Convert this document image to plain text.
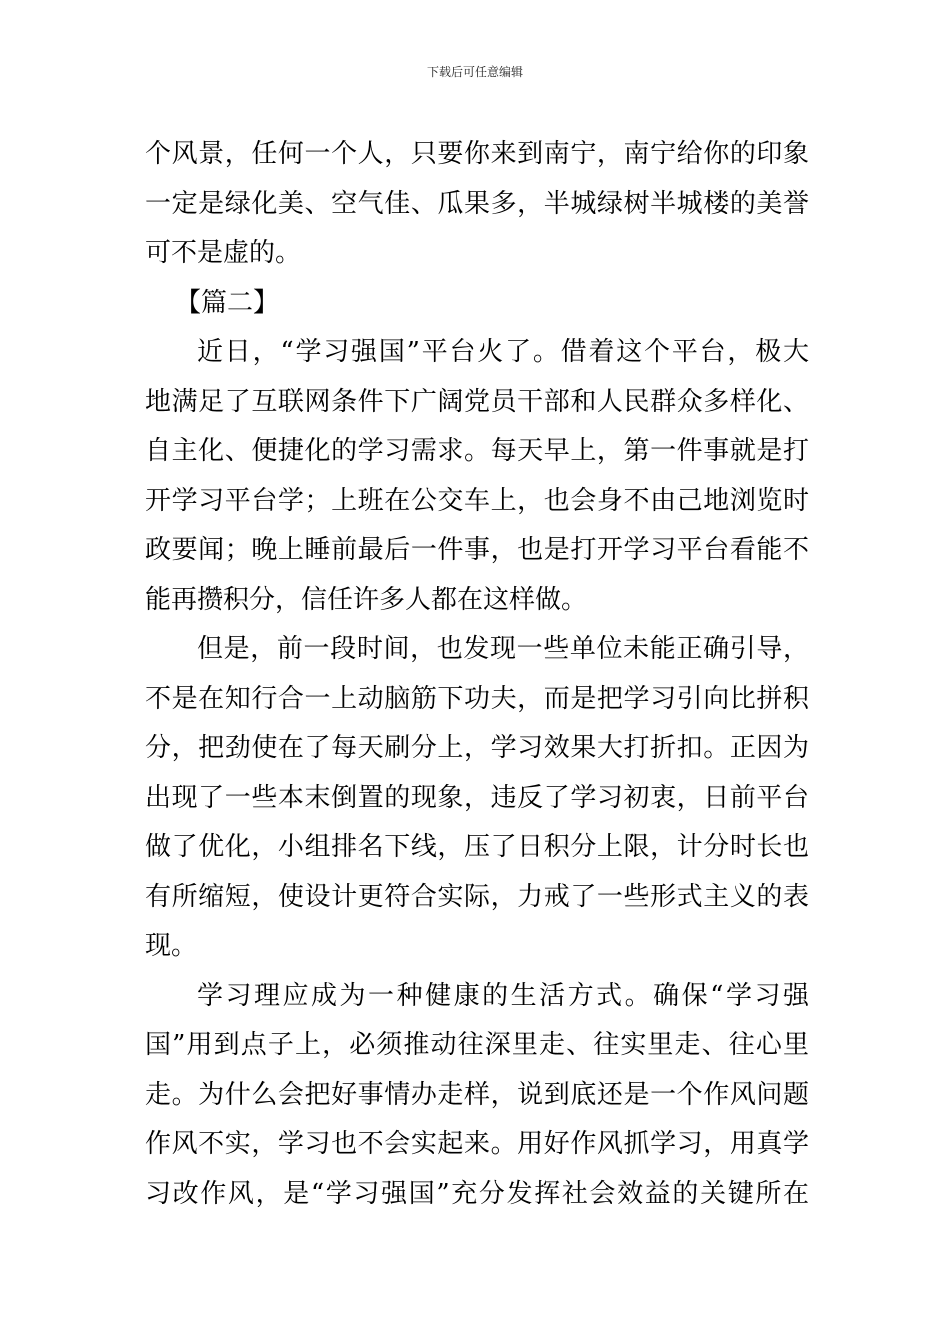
下载后可任意编辑
个风景，任何一个人，只要你来到南宁，南宁给你的印象
一定是绿化美、空气佳、瓜果多，半城绿树半城楼的美誉
可不是虚的。
【篇二】
近日，“学习强国”平台火了。借着这个平台，极大
地满足了互联网条件下广阔党员干部和人民群众多样化、
自主化、便捷化的学习需求。每天早上，第一件事就是打
开学习平台学；上班在公交车上，也会身不由己地浏览时
政要闻；晚上睡前最后一件事，也是打开学习平台看能不
能再攒积分，信任许多人都在这样做。
但是，前一段时间，也发现一些单位未能正确引导，
不是在知行合一上动脑筋下功夫，而是把学习引向比拼积
分，把劲使在了每天刷分上，学习效果大打折扣。正因为
出现了一些本末倒置的现象，违反了学习初衷，日前平台
做了优化，小组排名下线，压了日积分上限，计分时长也
有所缩短，使设计更符合实际，力戒了一些形式主义的表
现。
学习理应成为一种健康的生活方式。确保“学习强
国”用到点子上，必须推动往深里走、往实里走、往心里
走。为什么会把好事情办走样，说到底还是一个作风问题
作风不实，学习也不会实起来。用好作风抓学习，用真学
习改作风，是“学习强国”充分发挥社会效益的关键所在
